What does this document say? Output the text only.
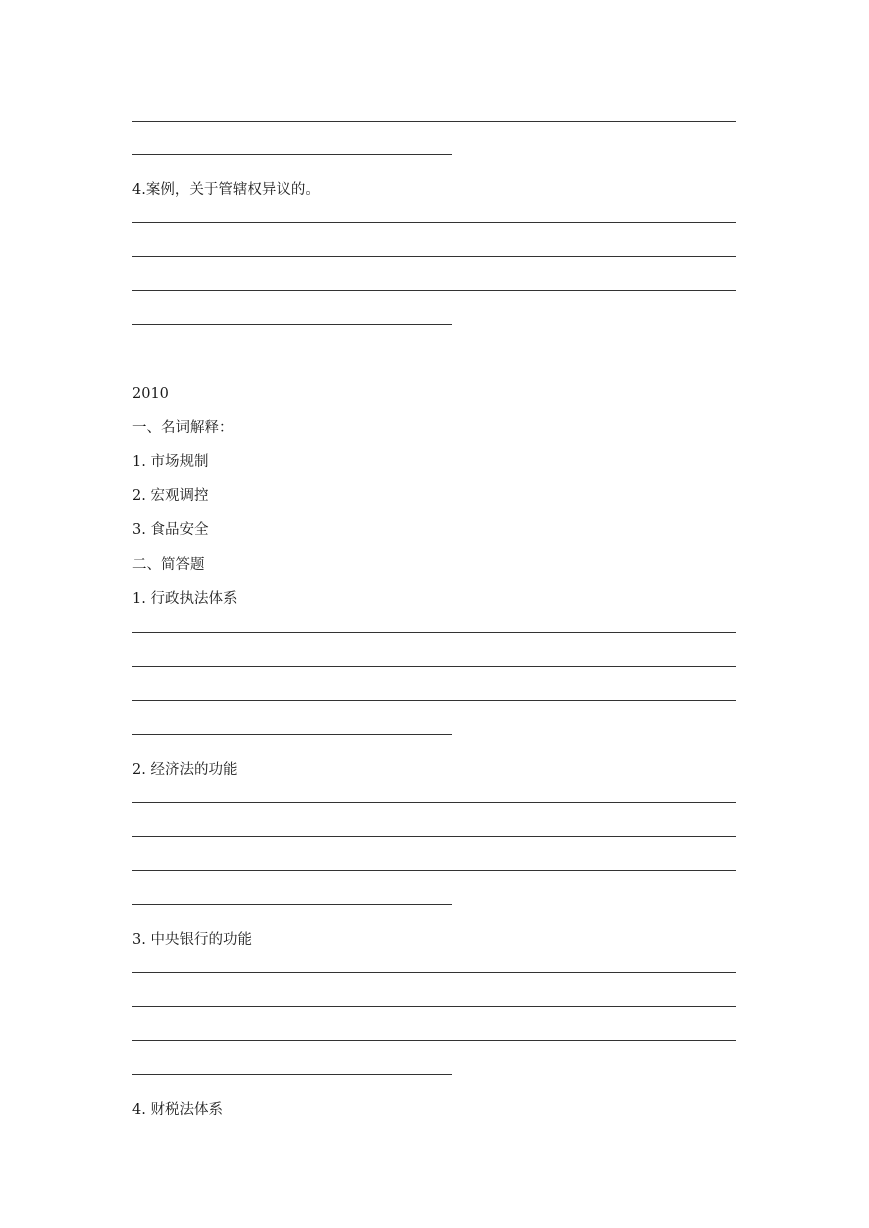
4.案例，关于管辖权异议的。
2010
一、名词解释：
1. 市场规制
2. 宏观调控
3. 食品安全
二、简答题
1. 行政执法体系
2. 经济法的功能
3. 中央银行的功能
4. 财税法体系
